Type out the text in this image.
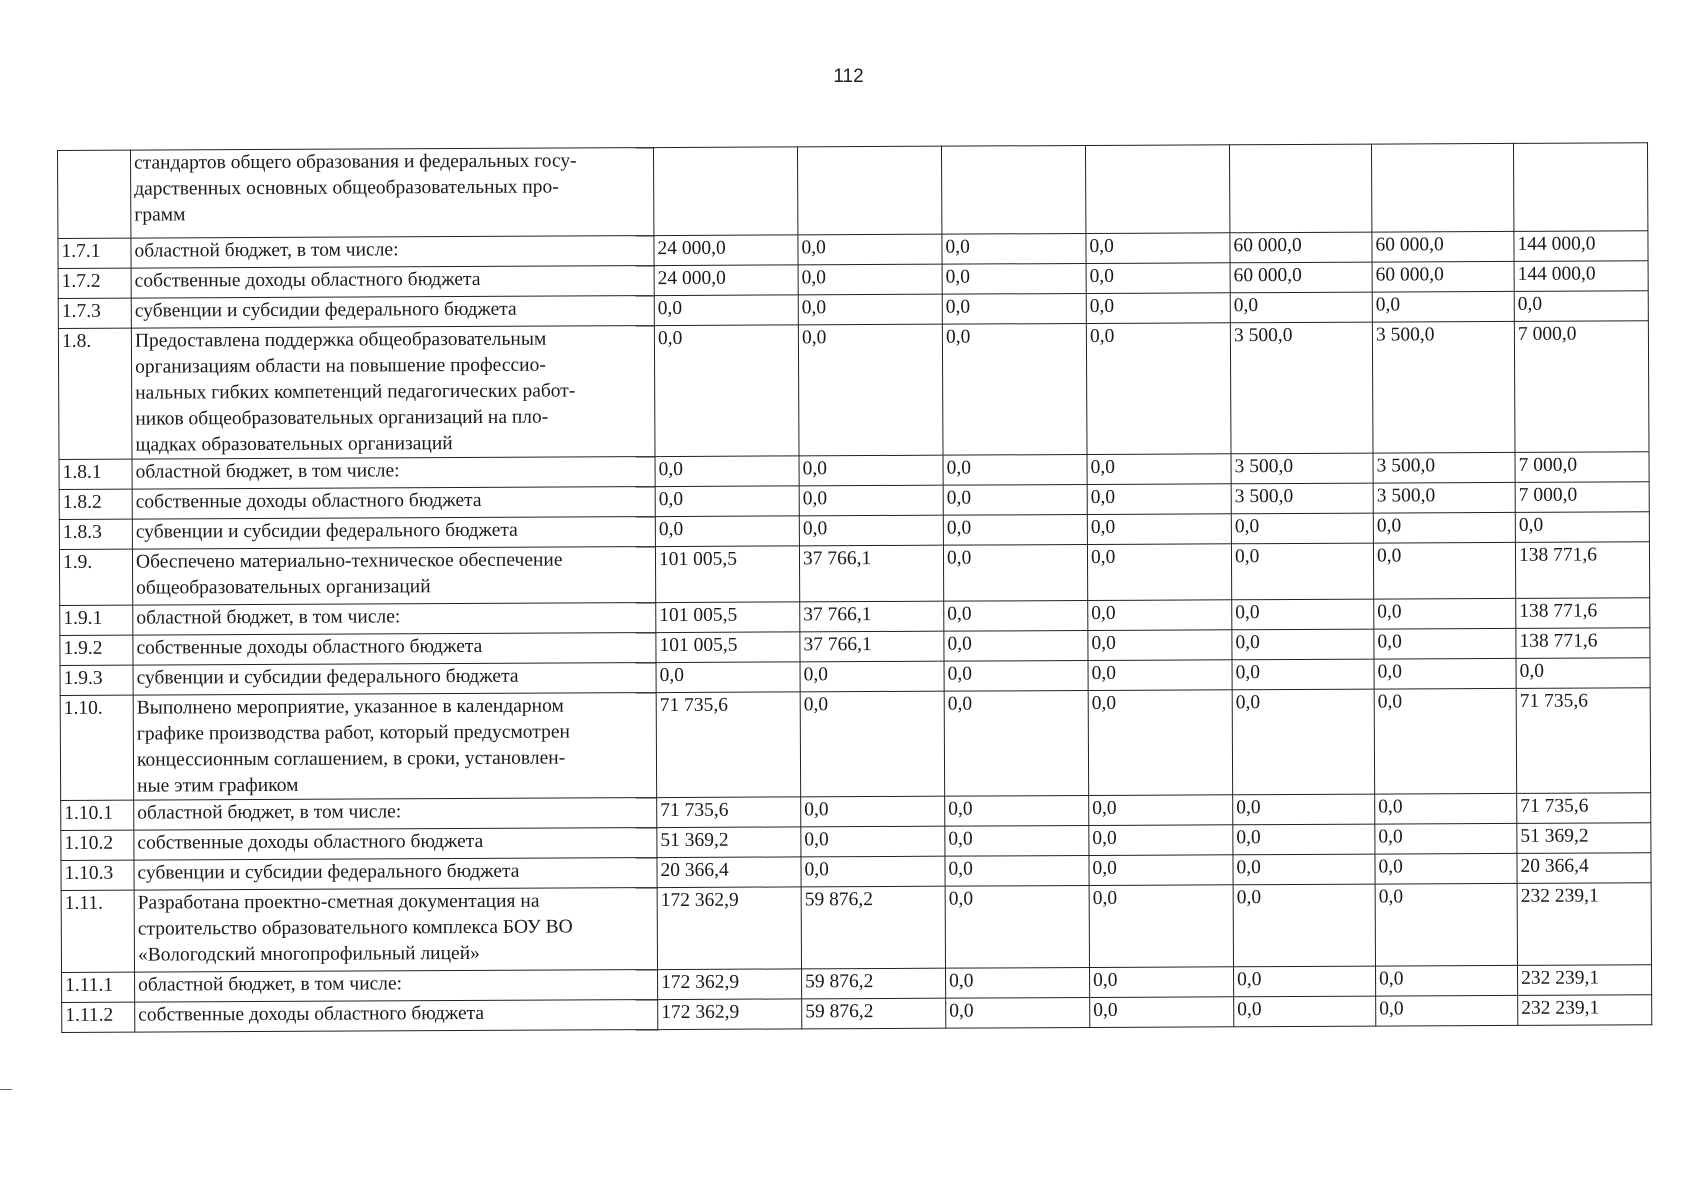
112
	стандартов общего образования и федеральных госу-
дарственных основных общеобразовательных про-
грамм							
1.7.1	областной бюджет, в том числе:	24 000,0	0,0	0,0	0,0	60 000,0	60 000,0	144 000,0
1.7.2	собственные доходы областного бюджета	24 000,0	0,0	0,0	0,0	60 000,0	60 000,0	144 000,0
1.7.3	субвенции и субсидии федерального бюджета	0,0	0,0	0,0	0,0	0,0	0,0	0,0
1.8.	Предоставлена поддержка общеобразовательным
организациям области на повышение профессио-
нальных гибких компетенций педагогических работ-
ников общеобразовательных организаций на пло-
щадках образовательных организаций	0,0	0,0	0,0	0,0	3 500,0	3 500,0	7 000,0
1.8.1	областной бюджет, в том числе:	0,0	0,0	0,0	0,0	3 500,0	3 500,0	7 000,0
1.8.2	собственные доходы областного бюджета	0,0	0,0	0,0	0,0	3 500,0	3 500,0	7 000,0
1.8.3	субвенции и субсидии федерального бюджета	0,0	0,0	0,0	0,0	0,0	0,0	0,0
1.9.	Обеспечено материально-техническое обеспечение
общеобразовательных организаций	101 005,5	37 766,1	0,0	0,0	0,0	0,0	138 771,6
1.9.1	областной бюджет, в том числе:	101 005,5	37 766,1	0,0	0,0	0,0	0,0	138 771,6
1.9.2	собственные доходы областного бюджета	101 005,5	37 766,1	0,0	0,0	0,0	0,0	138 771,6
1.9.3	субвенции и субсидии федерального бюджета	0,0	0,0	0,0	0,0	0,0	0,0	0,0
1.10.	Выполнено мероприятие, указанное в календарном
графике производства работ, который предусмотрен
концессионным соглашением, в сроки, установлен-
ные этим графиком	71 735,6	0,0	0,0	0,0	0,0	0,0	71 735,6
1.10.1	областной бюджет, в том числе:	71 735,6	0,0	0,0	0,0	0,0	0,0	71 735,6
1.10.2	собственные доходы областного бюджета	51 369,2	0,0	0,0	0,0	0,0	0,0	51 369,2
1.10.3	субвенции и субсидии федерального бюджета	20 366,4	0,0	0,0	0,0	0,0	0,0	20 366,4
1.11.	Разработана проектно-сметная документация на
строительство образовательного комплекса БОУ ВО
«Вологодский многопрофильный лицей»	172 362,9	59 876,2	0,0	0,0	0,0	0,0	232 239,1
1.11.1	областной бюджет, в том числе:	172 362,9	59 876,2	0,0	0,0	0,0	0,0	232 239,1
1.11.2	собственные доходы областного бюджета	172 362,9	59 876,2	0,0	0,0	0,0	0,0	232 239,1
